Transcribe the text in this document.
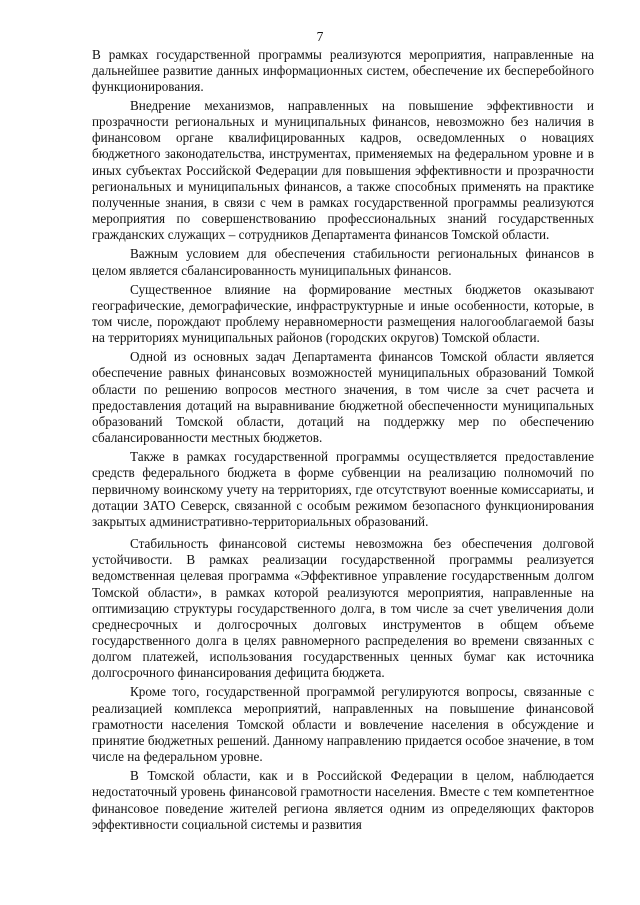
7

В рамках государственной программы реализуются мероприятия, направленные на дальнейшее развитие данных информационных систем, обеспечение их бесперебойного функционирования.

Внедрение механизмов, направленных на повышение эффективности и прозрачности региональных и муниципальных финансов, невозможно без наличия в финансовом органе квалифицированных кадров, осведомленных о новациях бюджетного законодательства, инструментах, применяемых на федеральном уровне и в иных субъектах Российской Федерации для повышения эффективности и прозрачности региональных и муниципальных финансов, а также способных применять на практике полученные знания, в связи с чем в рамках государственной программы реализуются мероприятия по совершенствованию профессиональных знаний государственных гражданских служащих – сотрудников Департамента финансов Томской области.

Важным условием для обеспечения стабильности региональных финансов в целом является сбалансированность муниципальных финансов.

Существенное влияние на формирование местных бюджетов оказывают географические, демографические, инфраструктурные и иные особенности, которые, в том числе, порождают проблему неравномерности размещения налогооблагаемой базы на территориях муниципальных районов (городских округов) Томской области.

Одной из основных задач Департамента финансов Томской области является обеспечение равных финансовых возможностей муниципальных образований Томкой области по решению вопросов местного значения, в том числе за счет расчета и предоставления дотаций на выравнивание бюджетной обеспеченности муниципальных образований Томской области, дотаций на поддержку мер по обеспечению сбалансированности местных бюджетов.

Также в рамках государственной программы осуществляется предоставление средств федерального бюджета в форме субвенции на реализацию полномочий по первичному воинскому учету на территориях, где отсутствуют военные комиссариаты, и дотации ЗАТО Северск, связанной с особым режимом безопасного функционирования закрытых административно-территориальных образований.

Стабильность финансовой системы невозможна без обеспечения долговой устойчивости. В рамках реализации государственной программы реализуется ведомственная целевая программа «Эффективное управление государственным долгом Томской области», в рамках которой реализуются мероприятия, направленные на оптимизацию структуры государственного долга, в том числе за счет увеличения доли среднесрочных и долгосрочных долговых инструментов в общем объеме государственного долга в целях равномерного распределения во времени связанных с долгом платежей, использования государственных ценных бумаг как источника долгосрочного финансирования дефицита бюджета.

Кроме того, государственной программой регулируются вопросы, связанные с реализацией комплекса мероприятий, направленных на повышение финансовой грамотности населения Томской области и вовлечение населения в обсуждение и принятие бюджетных решений. Данному направлению придается особое значение, в том числе на федеральном уровне.

В Томской области, как и в Российской Федерации в целом, наблюдается недостаточный уровень финансовой грамотности населения. Вместе с тем компетентное финансовое поведение жителей региона является одним из определяющих факторов эффективности социальной системы и развития
